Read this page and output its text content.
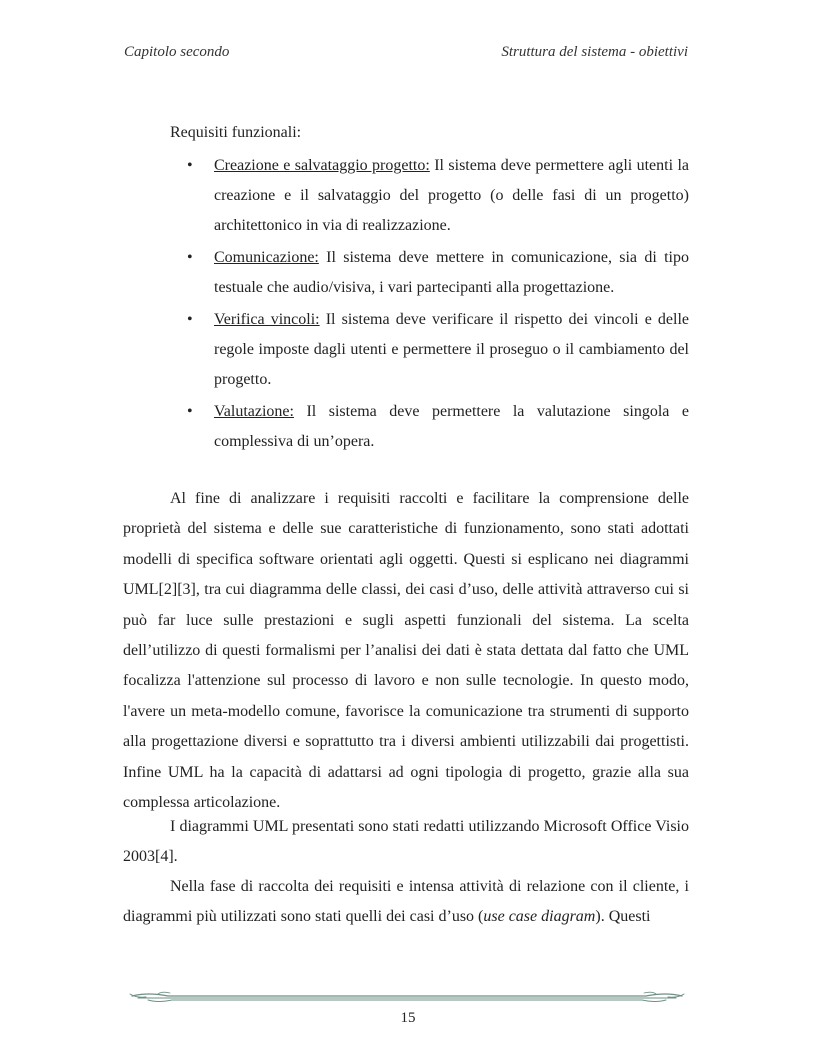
Capitolo secondo	Struttura del sistema - obiettivi
Requisiti funzionali:
• Creazione e salvataggio progetto: Il sistema deve permettere agli utenti la creazione e il salvataggio del progetto (o delle fasi di un progetto) architettonico in via di realizzazione.
• Comunicazione: Il sistema deve mettere in comunicazione, sia di tipo testuale che audio/visiva, i vari partecipanti alla progettazione.
• Verifica vincoli: Il sistema deve verificare il rispetto dei vincoli e delle regole imposte dagli utenti e permettere il proseguo o il cambiamento del progetto.
• Valutazione: Il sistema deve permettere la valutazione singola e complessiva di un’opera.

Al fine di analizzare i requisiti raccolti e facilitare la comprensione delle proprietà del sistema e delle sue caratteristiche di funzionamento, sono stati adottati modelli di specifica software orientati agli oggetti. Questi si esplicano nei diagrammi UML[2][3], tra cui diagramma delle classi, dei casi d’uso, delle attività attraverso cui si può far luce sulle prestazioni e sugli aspetti funzionali del sistema. La scelta dell’utilizzo di questi formalismi per l’analisi dei dati è stata dettata dal fatto che UML focalizza l'attenzione sul processo di lavoro e non sulle tecnologie. In questo modo, l'avere un meta-modello comune, favorisce la comunicazione tra strumenti di supporto alla progettazione diversi e soprattutto tra i diversi ambienti utilizzabili dai progettisti. Infine UML ha la capacità di adattarsi ad ogni tipologia di progetto, grazie alla sua complessa articolazione.

I diagrammi UML presentati sono stati redatti utilizzando Microsoft Office Visio 2003[4].

Nella fase di raccolta dei requisiti e intensa attività di relazione con il cliente, i diagrammi più utilizzati sono stati quelli dei casi d’uso (use case diagram). Questi

15
